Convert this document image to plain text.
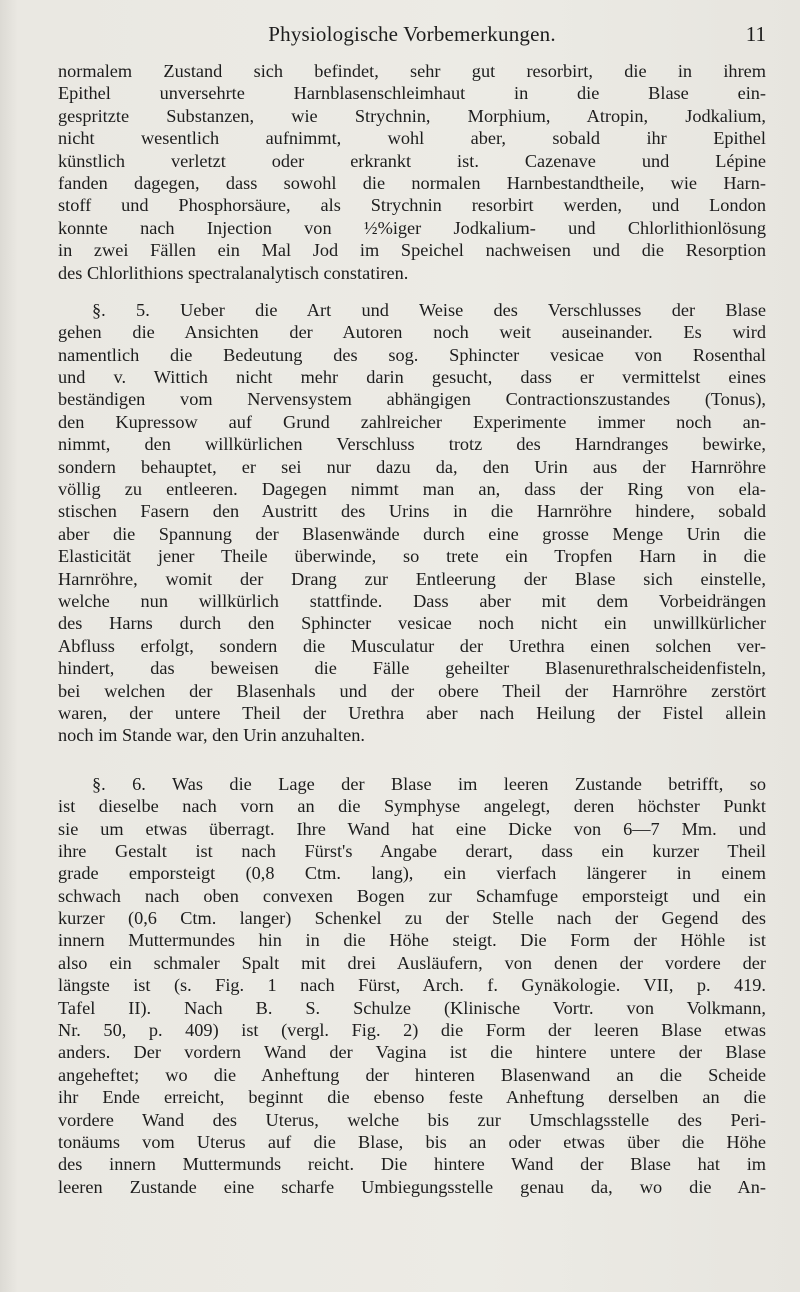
Physiologische Vorbemerkungen.	11
normalem Zustand sich befindet, sehr gut resorbirt, die in ihrem
Epithel unversehrte Harnblasenschleimhaut in die Blase ein-
gespritzte Substanzen, wie Strychnin, Morphium, Atropin, Jodkalium,
nicht wesentlich aufnimmt, wohl aber, sobald ihr Epithel
künstlich verletzt oder erkrankt ist. Cazenave und Lépine
fanden dagegen, dass sowohl die normalen Harnbestandtheile, wie Harn-
stoff und Phosphorsäure, als Strychnin resorbirt werden, und London
konnte nach Injection von ½%iger Jodkalium- und Chlorlithionlösung
in zwei Fällen ein Mal Jod im Speichel nachweisen und die Resorption
des Chlorlithions spectralanalytisch constatiren.
§. 5. Ueber die Art und Weise des Verschlusses der Blase
gehen die Ansichten der Autoren noch weit auseinander. Es wird
namentlich die Bedeutung des sog. Sphincter vesicae von Rosenthal
und v. Wittich nicht mehr darin gesucht, dass er vermittelst eines
beständigen vom Nervensystem abhängigen Contractionszustandes (Tonus),
den Kupressow auf Grund zahlreicher Experimente immer noch an-
nimmt, den willkürlichen Verschluss trotz des Harndranges bewirke,
sondern behauptet, er sei nur dazu da, den Urin aus der Harnröhre
völlig zu entleeren. Dagegen nimmt man an, dass der Ring von ela-
stischen Fasern den Austritt des Urins in die Harnröhre hindere, sobald
aber die Spannung der Blasenwände durch eine grosse Menge Urin die
Elasticität jener Theile überwinde, so trete ein Tropfen Harn in die
Harnröhre, womit der Drang zur Entleerung der Blase sich einstelle,
welche nun willkürlich stattfinde. Dass aber mit dem Vorbeidrängen
des Harns durch den Sphincter vesicae noch nicht ein unwillkürlicher
Abfluss erfolgt, sondern die Musculatur der Urethra einen solchen ver-
hindert, das beweisen die Fälle geheilter Blasenurethralscheidenfisteln,
bei welchen der Blasenhals und der obere Theil der Harnröhre zerstört
waren, der untere Theil der Urethra aber nach Heilung der Fistel allein
noch im Stande war, den Urin anzuhalten.
§. 6. Was die Lage der Blase im leeren Zustande betrifft, so
ist dieselbe nach vorn an die Symphyse angelegt, deren höchster Punkt
sie um etwas überragt. Ihre Wand hat eine Dicke von 6—7 Mm. und
ihre Gestalt ist nach Fürst's Angabe derart, dass ein kurzer Theil
grade emporsteigt (0,8 Ctm. lang), ein vierfach längerer in einem
schwach nach oben convexen Bogen zur Schamfuge emporsteigt und ein
kurzer (0,6 Ctm. langer) Schenkel zu der Stelle nach der Gegend des
innern Muttermundes hin in die Höhe steigt. Die Form der Höhle ist
also ein schmaler Spalt mit drei Ausläufern, von denen der vordere der
längste ist (s. Fig. 1 nach Fürst, Arch. f. Gynäkologie. VII, p. 419.
Tafel II). Nach B. S. Schulze (Klinische Vortr. von Volkmann,
Nr. 50, p. 409) ist (vergl. Fig. 2) die Form der leeren Blase etwas
anders. Der vordern Wand der Vagina ist die hintere untere der Blase
angeheftet; wo die Anheftung der hinteren Blasenwand an die Scheide
ihr Ende erreicht, beginnt die ebenso feste Anheftung derselben an die
vordere Wand des Uterus, welche bis zur Umschlagsstelle des Peri-
tonäums vom Uterus auf die Blase, bis an oder etwas über die Höhe
des innern Muttermunds reicht. Die hintere Wand der Blase hat im
leeren Zustande eine scharfe Umbiegungsstelle genau da, wo die An-
